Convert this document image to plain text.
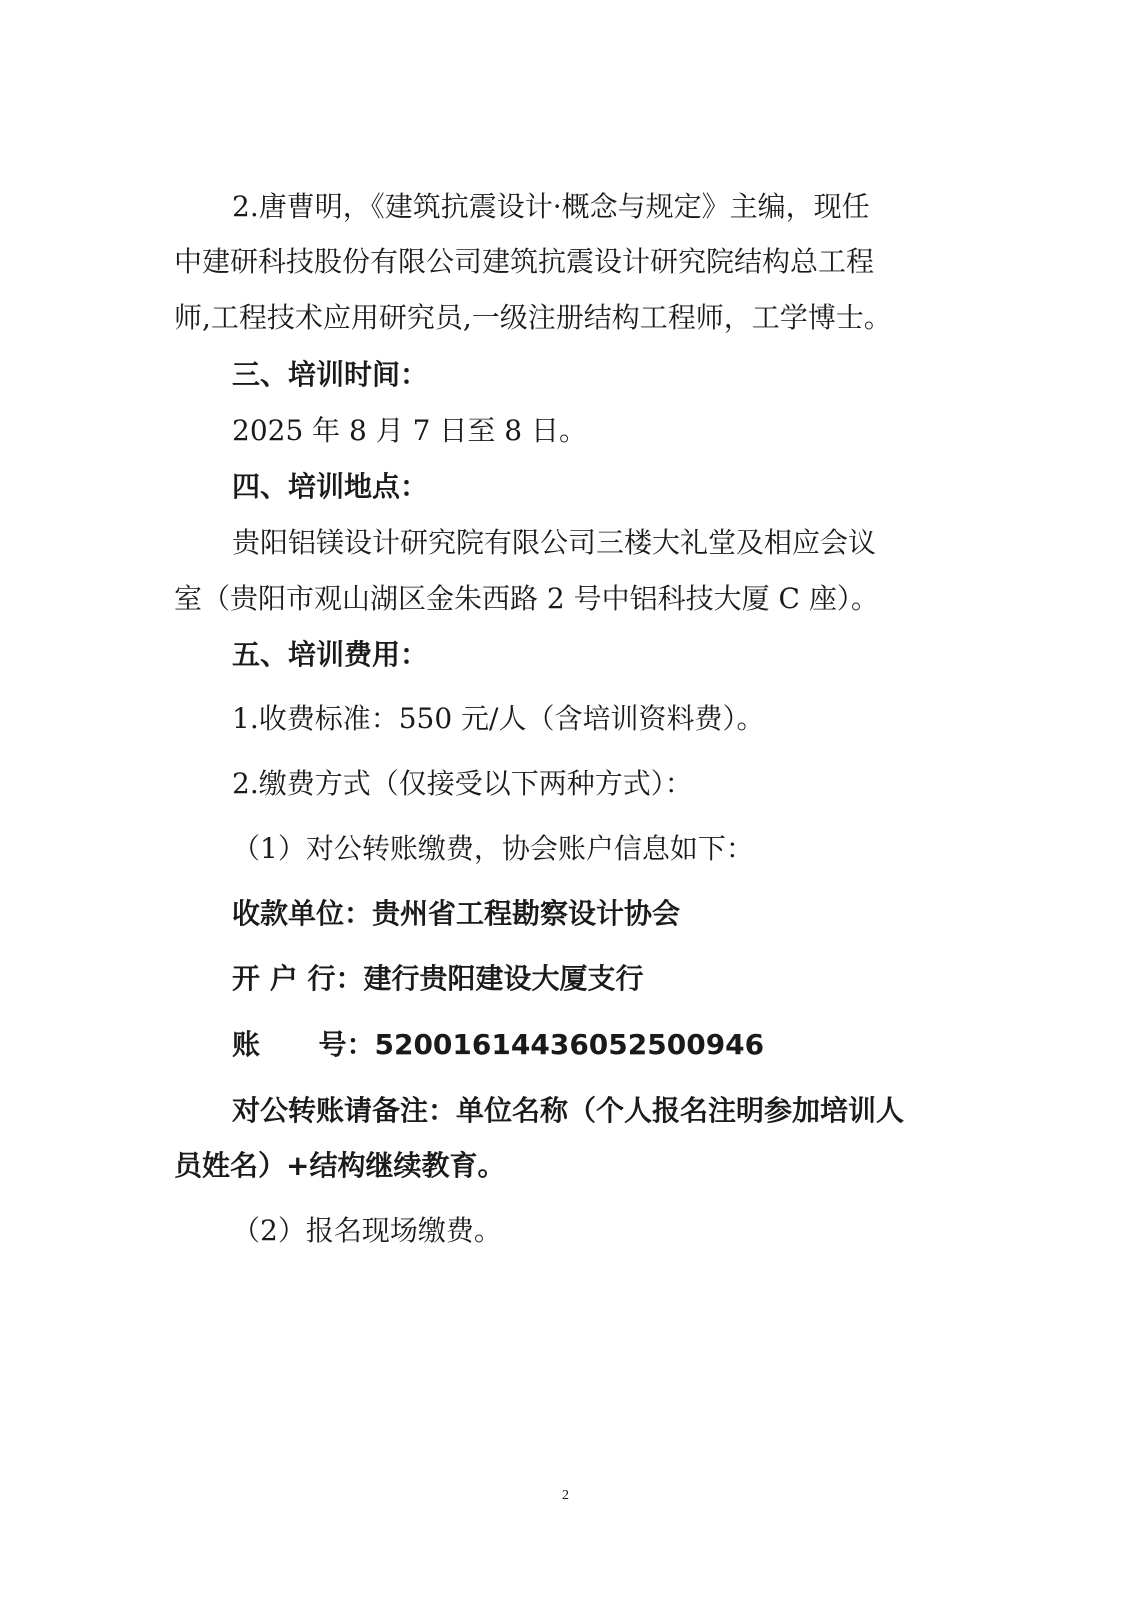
2.唐曹明，《建筑抗震设计·概念与规定》主编，现任
中建研科技股份有限公司建筑抗震设计研究院结构总工程
师,工程技术应用研究员,一级注册结构工程师，工学博士。
三、培训时间：
2025 年 8 月 7 日至 8 日。
四、培训地点：
贵阳铝镁设计研究院有限公司三楼大礼堂及相应会议
室（贵阳市观山湖区金朱西路 2 号中铝科技大厦 C 座）。
五、培训费用：
1.收费标准：550 元/人（含培训资料费）。
2.缴费方式（仅接受以下两种方式）：
（1）对公转账缴费，协会账户信息如下：
收款单位：贵州省工程勘察设计协会
开 户 行：建行贵阳建设大厦支行
账      号：52001614436052500946
对公转账请备注：单位名称（个人报名注明参加培训人
员姓名）+结构继续教育。
（2）报名现场缴费。
2
